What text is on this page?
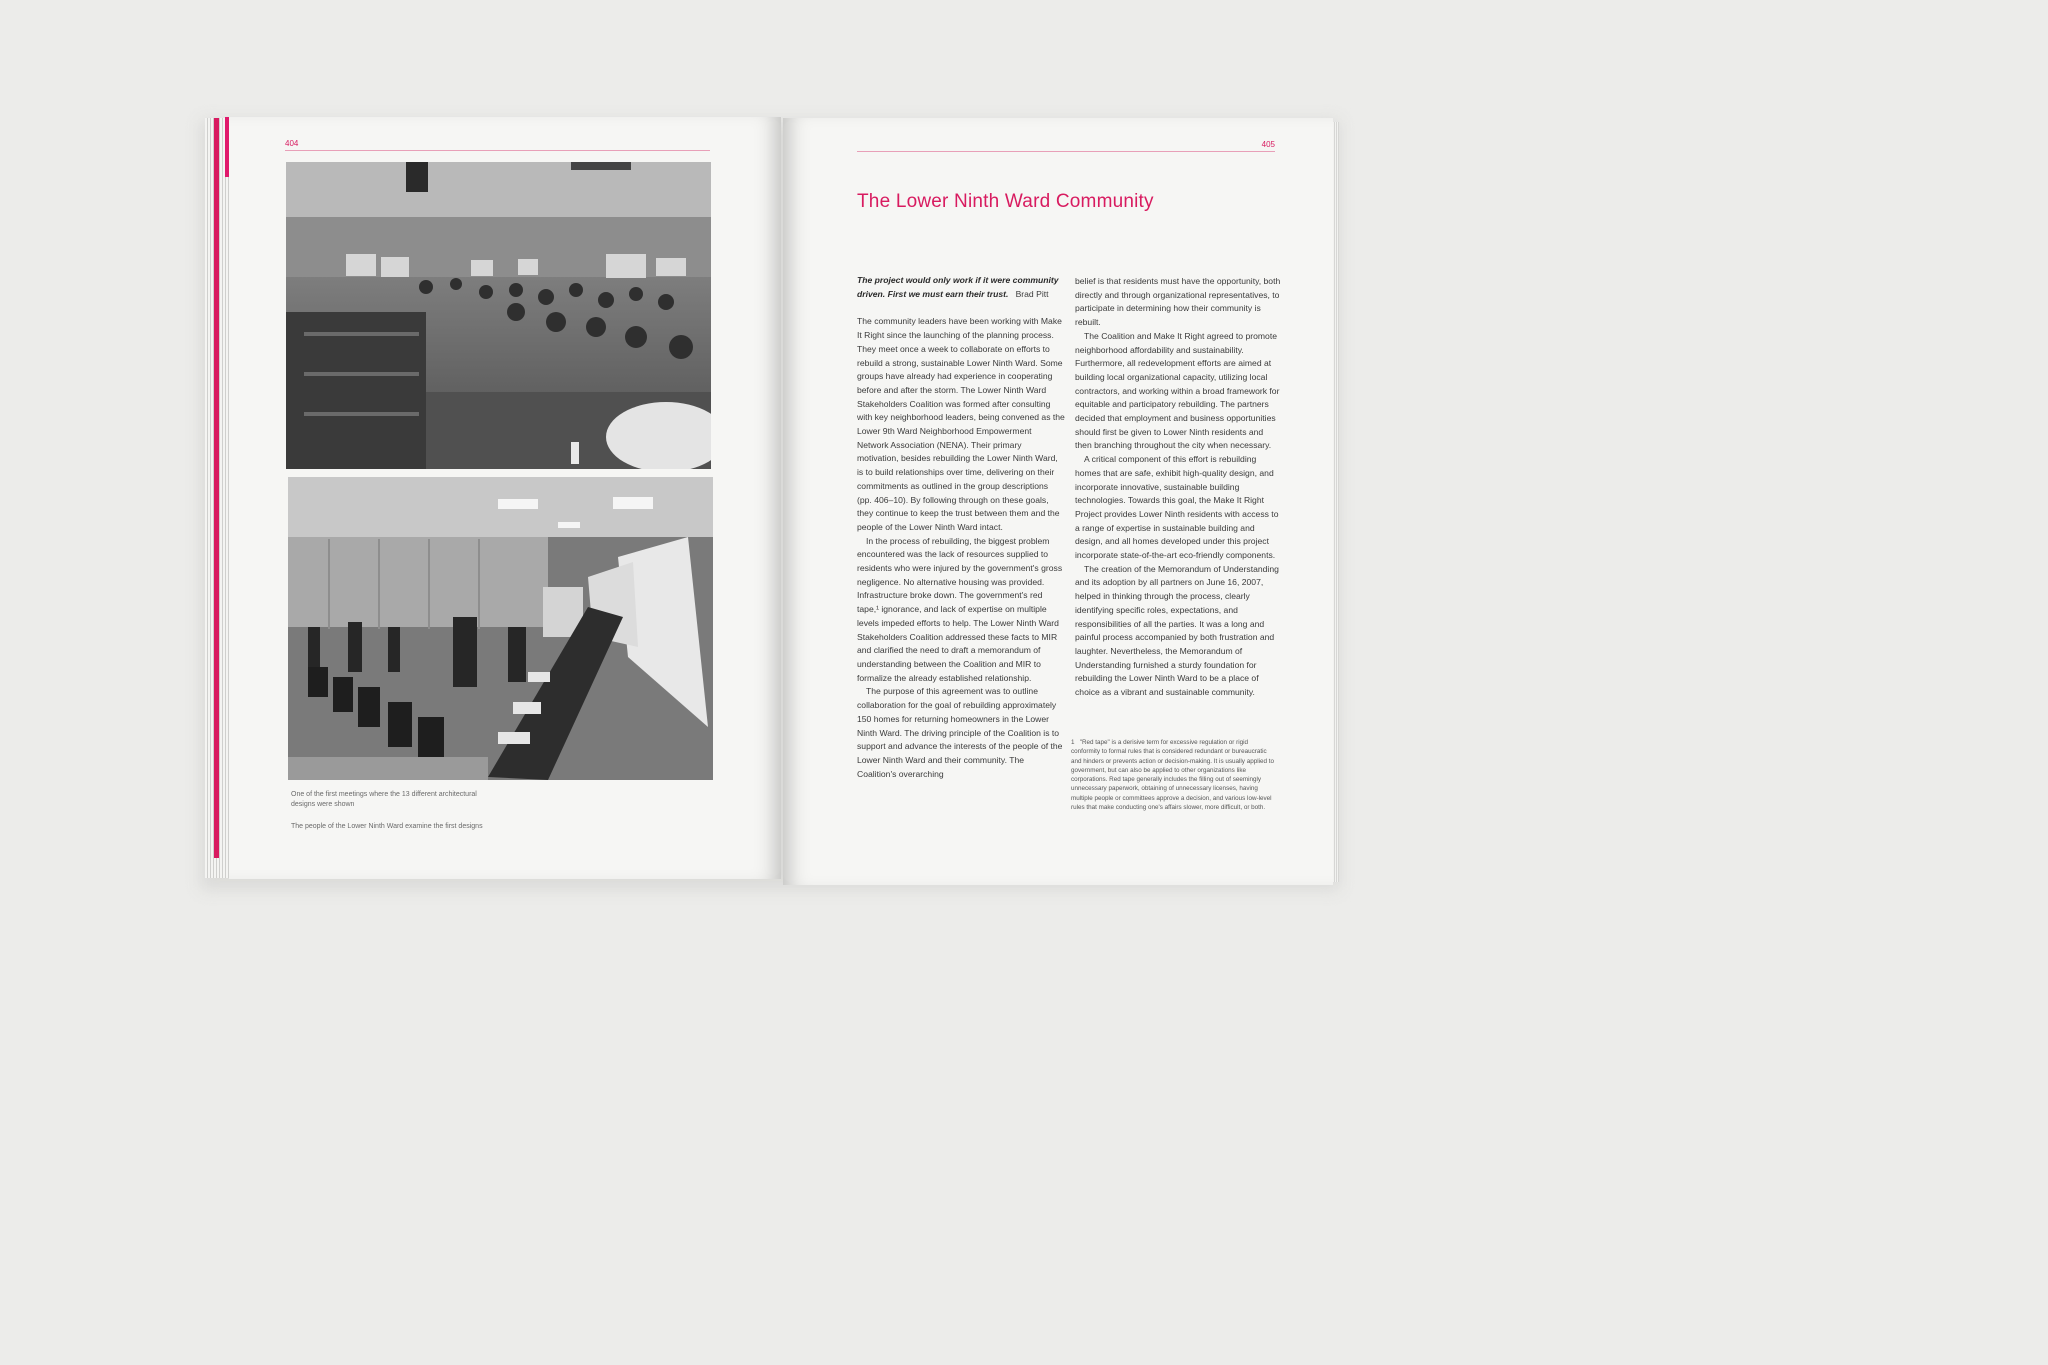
404
One of the first meetings where the 13 different architectural designs were shown
The people of the Lower Ninth Ward examine the first designs
405
The Lower Ninth Ward Community

The project would only work if it were community driven. First we must earn their trust. Brad Pitt

The community leaders have been working with Make It Right since the launching of the planning process. They meet once a week to collaborate on efforts to rebuild a strong, sustainable Lower Ninth Ward. Some groups have already had experience in cooperating before and after the storm. The Lower Ninth Ward Stakeholders Coalition was formed after consulting with key neighborhood leaders, being convened as the Lower 9th Ward Neighborhood Empowerment Network Association (NENA). Their primary motivation, besides rebuilding the Lower Ninth Ward, is to build relationships over time, delivering on their commitments as outlined in the group descriptions (pp. 406–10). By following through on these goals, they continue to keep the trust between them and the people of the Lower Ninth Ward intact.

In the process of rebuilding, the biggest problem encountered was the lack of resources supplied to residents who were injured by the government's gross negligence. No alternative housing was provided. Infrastructure broke down. The government's red tape,¹ ignorance, and lack of expertise on multiple levels impeded efforts to help. The Lower Ninth Ward Stakeholders Coalition addressed these facts to MIR and clarified the need to draft a memorandum of understanding between the Coalition and MIR to formalize the already established relationship.

The purpose of this agreement was to outline collaboration for the goal of rebuilding approximately 150 homes for returning homeowners in the Lower Ninth Ward. The driving principle of the Coalition is to support and advance the interests of the people of the Lower Ninth Ward and their community. The Coalition's overarching

belief is that residents must have the opportunity, both directly and through organizational representatives, to participate in determining how their community is rebuilt.

The Coalition and Make It Right agreed to promote neighborhood affordability and sustainability. Furthermore, all redevelopment efforts are aimed at building local organizational capacity, utilizing local contractors, and working within a broad framework for equitable and participatory rebuilding. The partners decided that employment and business opportunities should first be given to Lower Ninth residents and then branching throughout the city when necessary.

A critical component of this effort is rebuilding homes that are safe, exhibit high-quality design, and incorporate innovative, sustainable building technologies. Towards this goal, the Make It Right Project provides Lower Ninth residents with access to a range of expertise in sustainable building and design, and all homes developed under this project incorporate state-of-the-art eco-friendly components.

The creation of the Memorandum of Understanding and its adoption by all partners on June 16, 2007, helped in thinking through the process, clearly identifying specific roles, expectations, and responsibilities of all the parties. It was a long and painful process accompanied by both frustration and laughter. Nevertheless, the Memorandum of Understanding furnished a sturdy foundation for rebuilding the Lower Ninth Ward to be a place of choice as a vibrant and sustainable community.

1 "Red tape" is a derisive term for excessive regulation or rigid conformity to formal rules that is considered redundant or bureaucratic and hinders or prevents action or decision-making. It is usually applied to government, but can also be applied to other organizations like corporations. Red tape generally includes the filling out of seemingly unnecessary paperwork, obtaining of unnecessary licenses, having multiple people or committees approve a decision, and various low-level rules that make conducting one's affairs slower, more difficult, or both.
